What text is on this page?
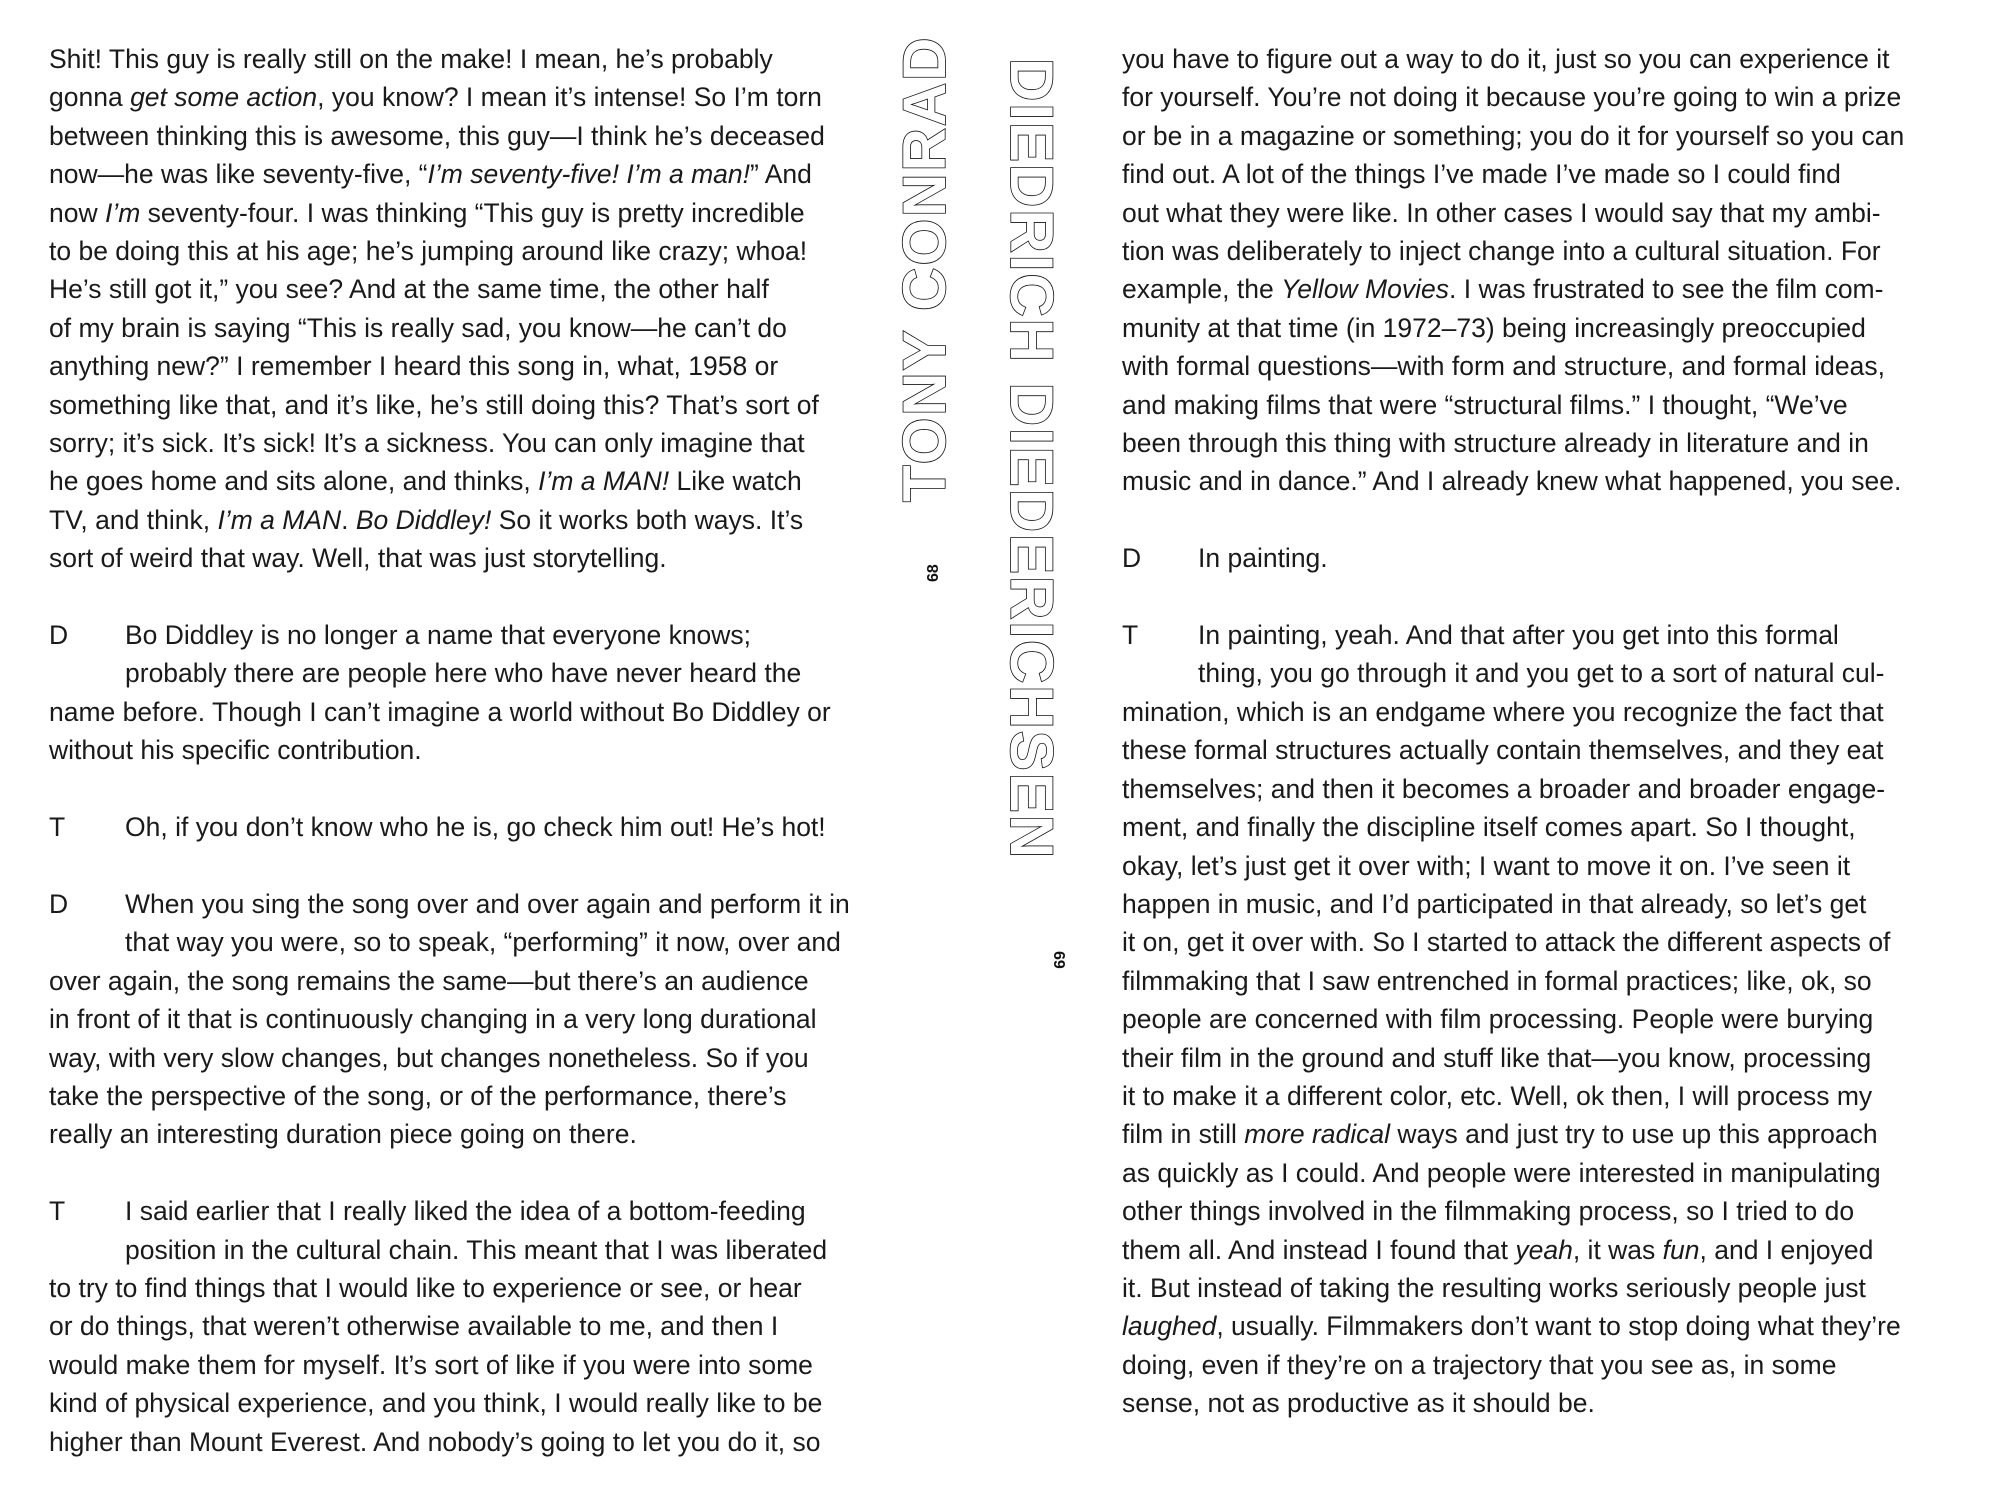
Shit! This guy is really still on the make! I mean, he’s probably
gonna get some action, you know? I mean it’s intense! So I’m torn
between thinking this is awesome, this guy—I think he’s deceased
now—he was like seventy-five, “I’m seventy-five! I’m a man!” And
now I’m seventy-four. I was thinking “This guy is pretty incredible
to be doing this at his age; he’s jumping around like crazy; whoa!
He’s still got it,” you see? And at the same time, the other half
of my brain is saying “This is really sad, you know—he can’t do
anything new?” I remember I heard this song in, what, 1958 or
something like that, and it’s like, he’s still doing this? That’s sort of
sorry; it’s sick. It’s sick! It’s a sickness. You can only imagine that
he goes home and sits alone, and thinks, I’m a MAN! Like watch
TV, and think, I’m a MAN. Bo Diddley! So it works both ways. It’s
sort of weird that way. Well, that was just storytelling.

D	Bo Diddley is no longer a name that everyone knows;
probably there are people here who have never heard the
name before. Though I can’t imagine a world without Bo Diddley or
without his specific contribution.
T	Oh, if you don’t know who he is, go check him out! He’s hot!
D	When you sing the song over and over again and perform it in
that way you were, so to speak, “performing” it now, over and
over again, the song remains the same—but there’s an audience
in front of it that is continuously changing in a very long durational
way, with very slow changes, but changes nonetheless. So if you
take the perspective of the song, or of the performance, there’s
really an interesting duration piece going on there.
T	I said earlier that I really liked the idea of a bottom-feeding
position in the cultural chain. This meant that I was liberated
to try to find things that I would like to experience or see, or hear
or do things, that weren’t otherwise available to me, and then I
would make them for myself. It’s sort of like if you were into some
kind of physical experience, and you think, I would really like to be
higher than Mount Everest. And nobody’s going to let you do it, so
DIEDRICH DIEDERICHSEN
TONY CONRAD
68
69

you have to figure out a way to do it, just so you can experience it
for yourself. You’re not doing it because you’re going to win a prize
or be in a magazine or something; you do it for yourself so you can
find out. A lot of the things I’ve made I’ve made so I could find
out what they were like. In other cases I would say that my ambi-
tion was deliberately to inject change into a cultural situation. For
example, the Yellow Movies. I was frustrated to see the film com-
munity at that time (in 1972–73) being increasingly preoccupied
with formal questions—with form and structure, and formal ideas,
and making films that were “structural films.” I thought, “We’ve
been through this thing with structure already in literature and in
music and in dance.” And I already knew what happened, you see.

D	In painting.
T	In painting, yeah. And that after you get into this formal
thing, you go through it and you get to a sort of natural cul-
mination, which is an endgame where you recognize the fact that
these formal structures actually contain themselves, and they eat
themselves; and then it becomes a broader and broader engage-
ment, and finally the discipline itself comes apart. So I thought,
okay, let’s just get it over with; I want to move it on. I’ve seen it
happen in music, and I’d participated in that already, so let’s get
it on, get it over with. So I started to attack the different aspects of
filmmaking that I saw entrenched in formal practices; like, ok, so
people are concerned with film processing. People were burying
their film in the ground and stuff like that—you know, processing
it to make it a different color, etc. Well, ok then, I will process my
film in still more radical ways and just try to use up this approach
as quickly as I could. And people were interested in manipulating
other things involved in the filmmaking process, so I tried to do
them all. And instead I found that yeah, it was fun, and I enjoyed
it. But instead of taking the resulting works seriously people just
laughed, usually. Filmmakers don’t want to stop doing what they’re
doing, even if they’re on a trajectory that you see as, in some
sense, not as productive as it should be.
